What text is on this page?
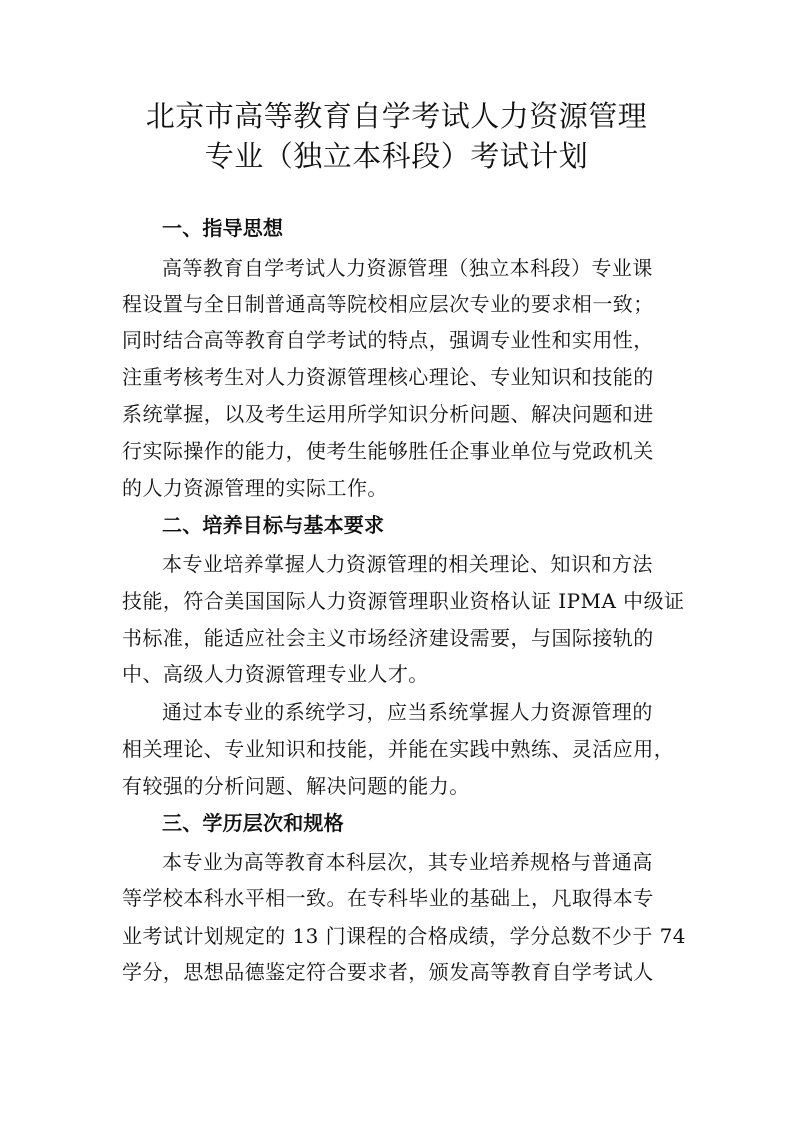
北京市高等教育自学考试人力资源管理
专业（独立本科段）考试计划
一、指导思想
高等教育自学考试人力资源管理（独立本科段）专业课
程设置与全日制普通高等院校相应层次专业的要求相一致；
同时结合高等教育自学考试的特点，强调专业性和实用性，
注重考核考生对人力资源管理核心理论、专业知识和技能的
系统掌握，以及考生运用所学知识分析问题、解决问题和进
行实际操作的能力，使考生能够胜任企事业单位与党政机关
的人力资源管理的实际工作。
二、培养目标与基本要求
本专业培养掌握人力资源管理的相关理论、知识和方法
技能，符合美国国际人力资源管理职业资格认证 IPMA 中级证
书标准，能适应社会主义市场经济建设需要，与国际接轨的
中、高级人力资源管理专业人才。
通过本专业的系统学习，应当系统掌握人力资源管理的
相关理论、专业知识和技能，并能在实践中熟练、灵活应用，
有较强的分析问题、解决问题的能力。
三、学历层次和规格
本专业为高等教育本科层次，其专业培养规格与普通高
等学校本科水平相一致。在专科毕业的基础上，凡取得本专
业考试计划规定的 13 门课程的合格成绩，学分总数不少于 74
学分，思想品德鉴定符合要求者，颁发高等教育自学考试人
